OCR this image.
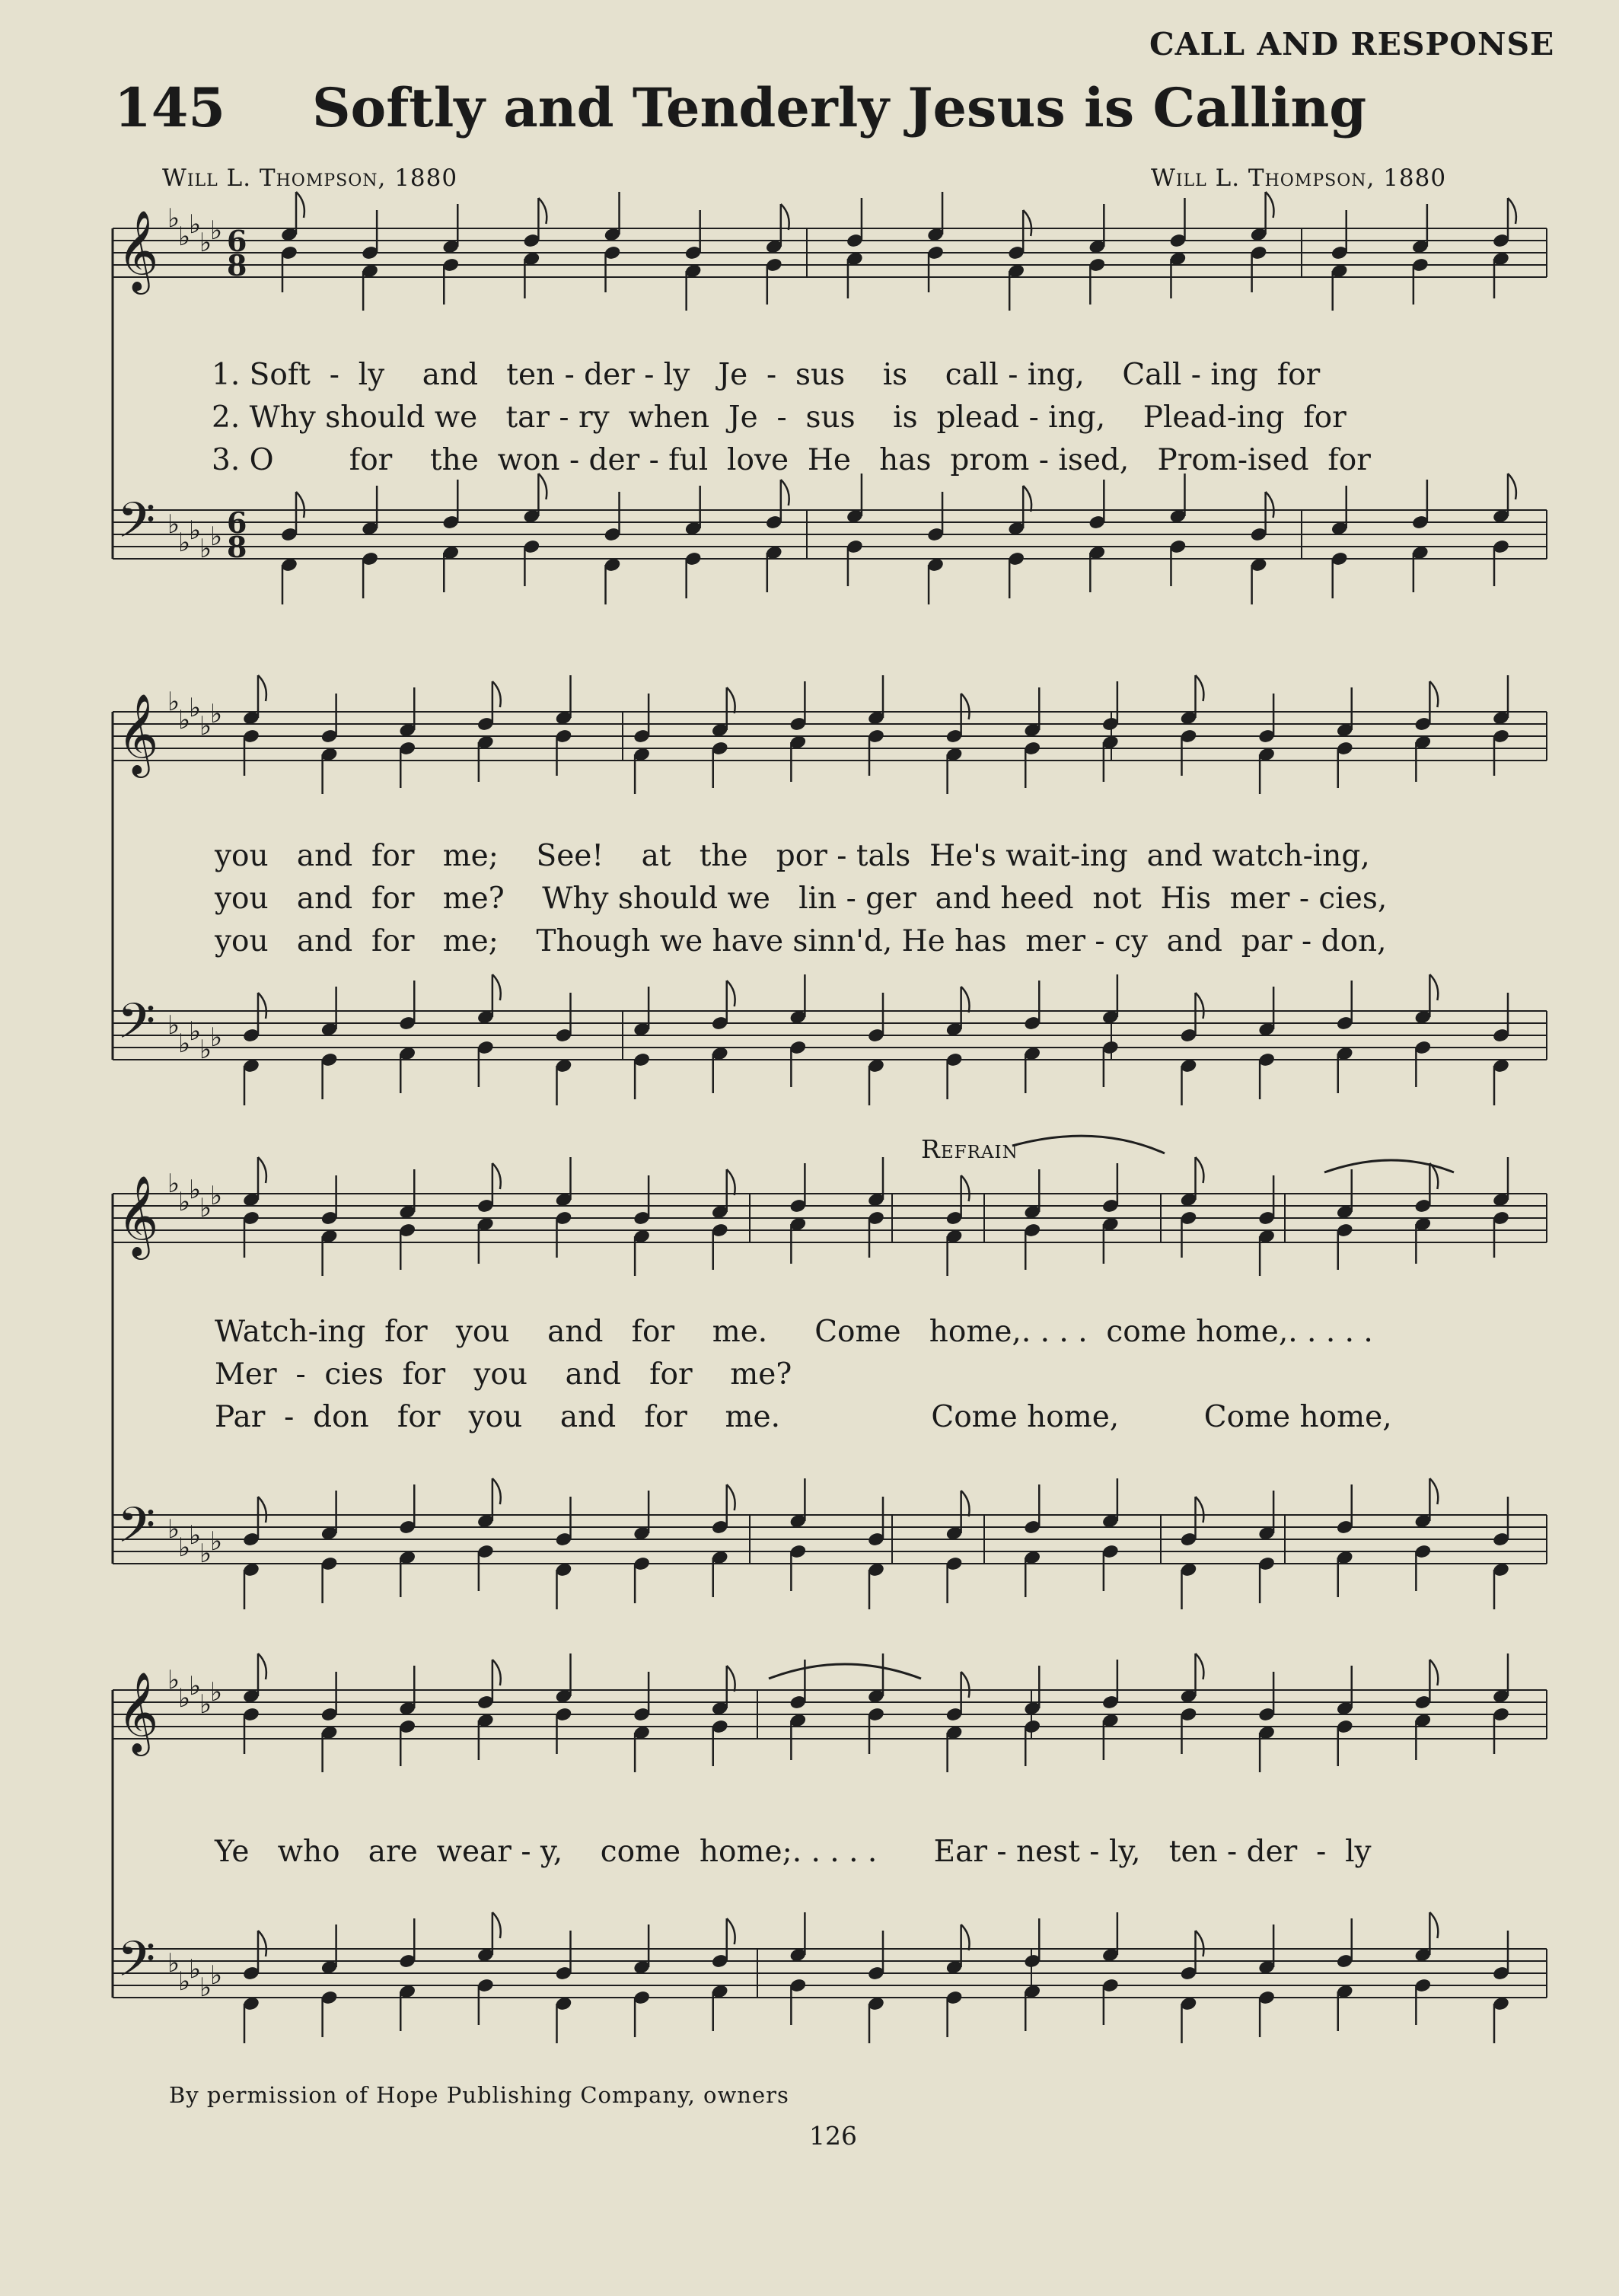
CALL AND RESPONSE
145 Softly and Tenderly Jesus is Calling
Will L. Thompson, 1880	Will L. Thompson, 1880
𝄞
𝄢
♭
♭
♭
♭
♭
♭
♭
♭
♭
♭
6
8
6
8
𝄞
𝄢
♭
♭
♭
♭
♭
♭
♭
♭
♭
♭
𝄞
𝄢
♭
♭
♭
♭
♭
♭
♭
♭
♭
♭
𝄞
𝄢
♭
♭
♭
♭
♭
♭
♭
♭
♭
♭
1. Soft  -  ly    and   ten - der - ly   Je  -  sus    is    call - ing,    Call - ing  for
2. Why should we   tar - ry  when  Je  -  sus    is  plead - ing,    Plead-ing  for
3. O        for    the  won - der - ful  love  He   has  prom - ised,   Prom-ised  for
you   and  for   me;    See!    at   the   por - tals  He's wait-ing  and watch-ing,
you   and  for   me?    Why should we   lin - ger  and heed  not  His  mer - cies,
you   and  for   me;    Though we have sinn'd, He has  mer - cy  and  par - don,
Watch-ing  for   you    and   for    me.     Come   home,. . . .  come home,. . . . .
Mer  -  cies  for   you    and   for    me?
Par  -  don   for   you    and   for    me.                Come home,         Come home,
Ye   who   are  wear - y,    come  home;. . . . .      Ear - nest - ly,   ten - der  -  ly
Refrain
By permission of Hope Publishing Company, owners
126
